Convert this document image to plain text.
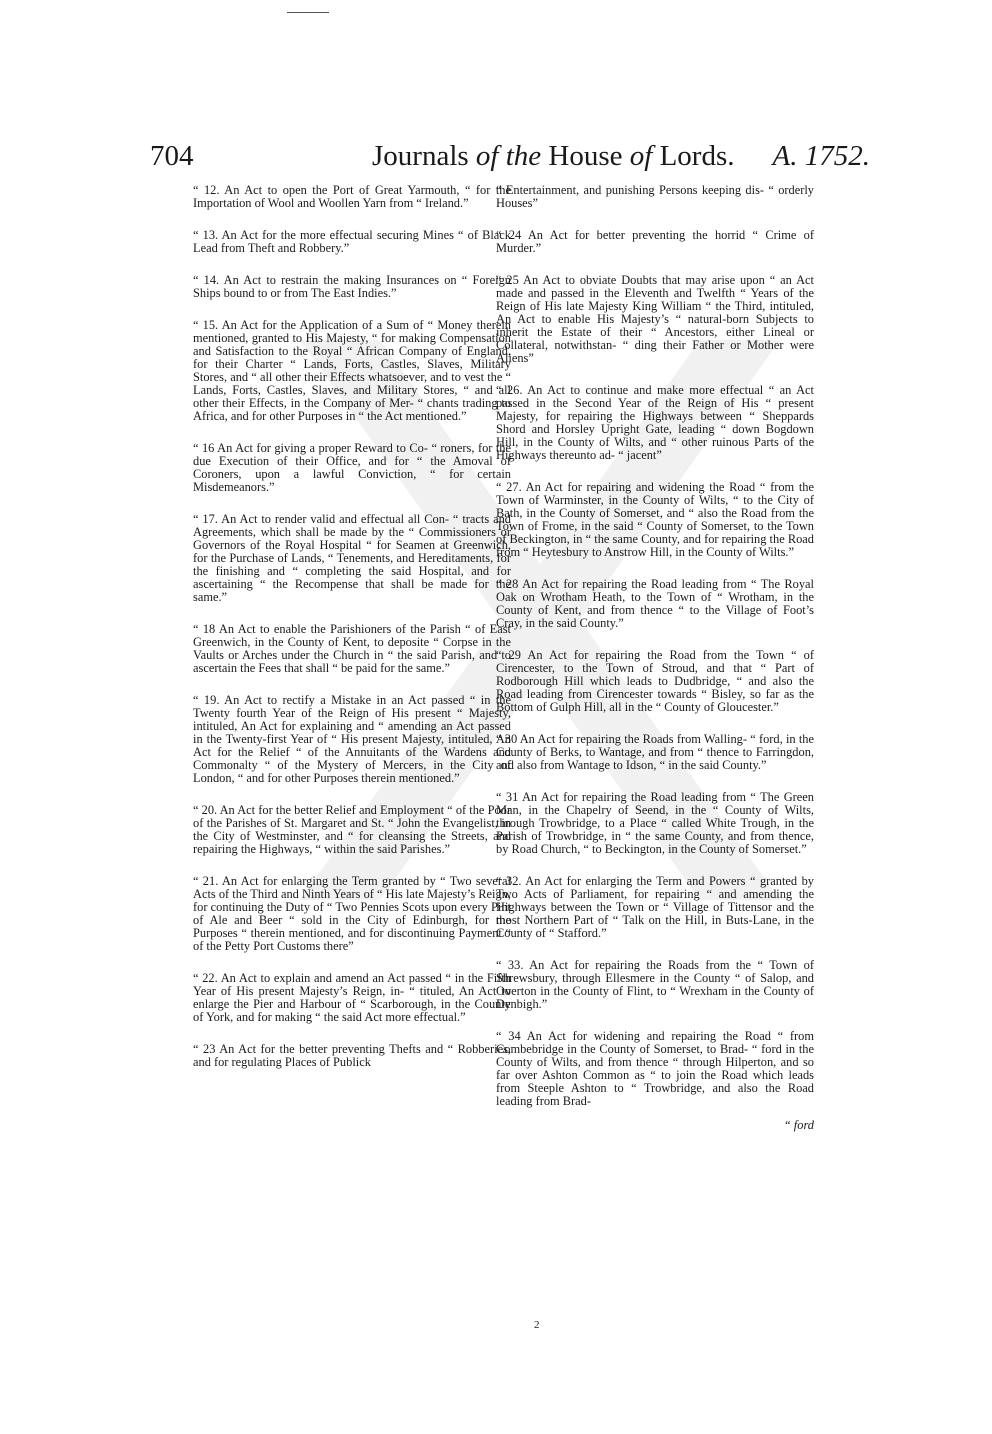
704	Journals of the House of Lords. A. 1752.

“ 12. An Act to open the Port of Great Yarmouth, “ for the Importation of Wool and Woollen Yarn from “ Ireland.”

“ 13. An Act for the more effectual securing Mines “ of Black Lead from Theft and Robbery.”

“ 14. An Act to restrain the making Insurances on “ Foreign Ships bound to or from The East Indies.”

“ 15. An Act for the Application of a Sum of “ Money therein mentioned, granted to His Majesty, “ for making Compensation and Satisfaction to the Royal “ African Company of England, for their Charter “ Lands, Forts, Castles, Slaves, Military Stores, and “ all other their Effects whatsoever, and to vest the “ Lands, Forts, Castles, Slaves, and Military Stores, “ and all other their Effects, in the Company of Mer- “ chants trading to Africa, and for other Purposes in “ the Act mentioned.”

“ 16 An Act for giving a proper Reward to Co- “ roners, for the due Execution of their Office, and for “ the Amoval of Coroners, upon a lawful Conviction, “ for certain Misdemeanors.”

“ 17. An Act to render valid and effectual all Con- “ tracts and Agreements, which shall be made by the “ Commissioners or Governors of the Royal Hospital “ for Seamen at Greenwich, for the Purchase of Lands, “ Tenements, and Hereditaments, for the finishing and “ completing the said Hospital, and for ascertaining “ the Recompense that shall be made for the same.”

“ 18 An Act to enable the Parishioners of the Parish “ of East Greenwich, in the County of Kent, to deposite “ Corpse in the Vaults or Arches under the Church in “ the said Parish, and to ascertain the Fees that shall “ be paid for the same.”

“ 19. An Act to rectify a Mistake in an Act passed “ in the Twenty fourth Year of the Reign of His present “ Majesty, intituled, An Act for explaining and “ amending an Act passed in the Twenty-first Year of “ His present Majesty, intituled, An Act for the Relief “ of the Annuitants of the Wardens and Commonalty “ of the Mystery of Mercers, in the City of London, “ and for other Purposes therein mentioned.”

“ 20. An Act for the better Relief and Employment “ of the Poor of the Parishes of St. Margaret and St. “ John the Evangelist, in the City of Westminster, and “ for cleansing the Streets, and repairing the Highways, “ within the said Parishes.”

“ 21. An Act for enlarging the Term granted by “ Two several Acts of the Third and Ninth Years of “ His late Majesty’s Reign, for continuing the Duty of “ Two Pennies Scots upon every Pint of Ale and Beer “ sold in the City of Edinburgh, for the Purposes “ therein mentioned, and for discontinuing Payment “ of the Petty Port Customs there”

“ 22. An Act to explain and amend an Act passed “ in the Fifth Year of His present Majesty’s Reign, in- “ tituled, An Act to enlarge the Pier and Harbour of “ Scarborough, in the County of York, and for making “ the said Act more effectual.”

“ 23 An Act for the better preventing Thefts and “ Robberies, and for regulating Places of Publick

“ Entertainment, and punishing Persons keeping dis- “ orderly Houses”

“ 24 An Act for better preventing the horrid “ Crime of Murder.”

“ 25 An Act to obviate Doubts that may arise upon “ an Act made and passed in the Eleventh and Twelfth “ Years of the Reign of His late Majesty King William “ the Third, intituled, An Act to enable His Majesty’s “ natural-born Subjects to inherit the Estate of their “ Ancestors, either Lineal or Collateral, notwithstan- “ ding their Father or Mother were Aliens”

“ 26. An Act to continue and make more effectual “ an Act passed in the Second Year of the Reign of His “ present Majesty, for repairing the Highways between “ Sheppards Shord and Horsley Upright Gate, leading “ down Bogdown Hill, in the County of Wilts, and “ other ruinous Parts of the Highways thereunto ad- “ jacent”

“ 27. An Act for repairing and widening the Road “ from the Town of Warminster, in the County of Wilts, “ to the City of Bath, in the County of Somerset, and “ also the Road from the Town of Frome, in the said “ County of Somerset, to the Town of Beckington, in “ the same County, and for repairing the Road from “ Heytesbury to Anstrow Hill, in the County of Wilts.”

“ 28 An Act for repairing the Road leading from “ The Royal Oak on Wrotham Heath, to the Town of “ Wrotham, in the County of Kent, and from thence “ to the Village of Foot’s Cray, in the said County.”

“ 29 An Act for repairing the Road from the Town “ of Cirencester, to the Town of Stroud, and that “ Part of Rodborough Hill which leads to Dudbridge, “ and also the Road leading from Cirencester towards “ Bisley, so far as the Bottom of Gulph Hill, all in the “ County of Gloucester.”

“ 30 An Act for repairing the Roads from Walling- “ ford, in the County of Berks, to Wantage, and from “ thence to Farringdon, and also from Wantage to Idson, “ in the said County.”

“ 31 An Act for repairing the Road leading from “ The Green Man, in the Chapelry of Seend, in the “ County of Wilts, through Trowbridge, to a Place “ called White Trough, in the Parish of Trowbridge, in “ the same County, and from thence, by Road Church, “ to Beckington, in the County of Somerset.”

“ 32. An Act for enlarging the Term and Powers “ granted by Two Acts of Parliament, for repairing “ and amending the Highways between the Town or “ Village of Tittensor and the most Northern Part of “ Talk on the Hill, in Buts-Lane, in the County of “ Stafford.”

“ 33. An Act for repairing the Roads from the “ Town of Shrewsbury, through Ellesmere in the County “ of Salop, and Overton in the County of Flint, to “ Wrexham in the County of Denbigh.”

“ 34 An Act for widening and repairing the Road “ from Combebridge in the County of Somerset, to Brad- “ ford in the County of Wilts, and from thence “ through Hilperton, and so far over Ashton Common as “ to join the Road which leads from Steeple Ashton to “ Trowbridge, and also the Road leading from Brad-

“ ford
2
